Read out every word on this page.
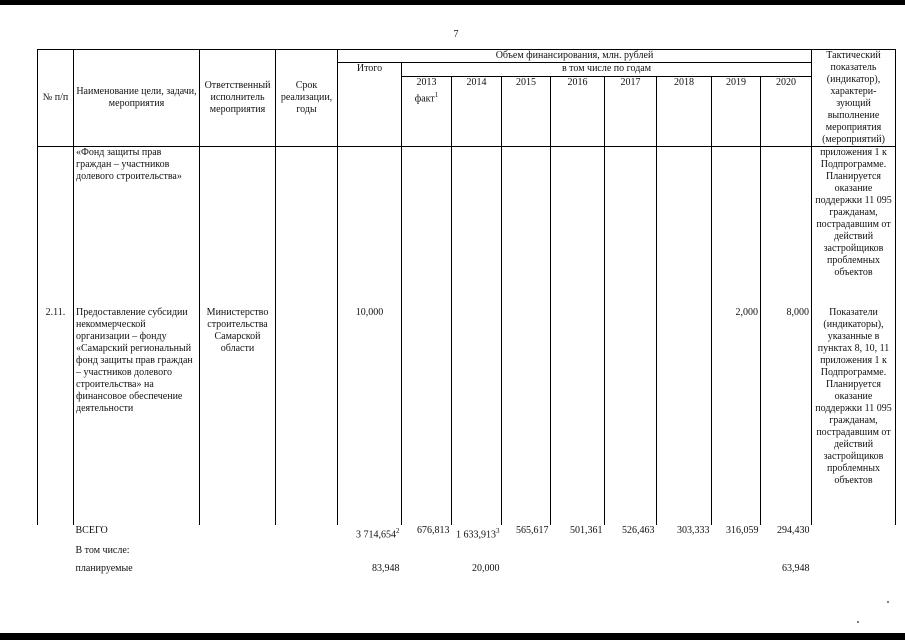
7
№ п/п	Наименование цели, задачи, мероприятия	Ответственный исполнитель мероприятия	Срок реализации, годы	Объем финансирования, млн. рублей									Тактический показатель (индикатор), характери-зующий выполнение мероприятия (мероприятий)
				Итого	в том числе по годам								
					2013 факт$^1$	2014	2015	2016	2017	2018	2019	2020	
	«Фонд защиты прав граждан – участников долевого строительства»												приложения 1 к Подпрограмме. Планируется оказание поддержки 11 095 гражданам, пострадавшим от действий застройщиков проблемных объектов
2.11.	Предоставление субсидии некоммерческой организации – фонду «Самарский региональный фонд защиты прав граждан – участников долевого строительства» на финансовое обеспечение деятельности	Министерство строительства Самарской области		10,000							2,000	8,000	Показатели (индикаторы), указанные в пунктах 8, 10, 11 приложения 1 к Подпрограмме. Планируется оказание поддержки 11 095 гражданам, пострадавшим от действий застройщиков проблемных объектов
	ВСЕГО			3 714,654$^2$	676,813	1 633,913$^3$	565,617	501,361	526,463	303,333	316,059	294,430	
	В том числе:												
	планируемые			83,948		20,000						63,948	
